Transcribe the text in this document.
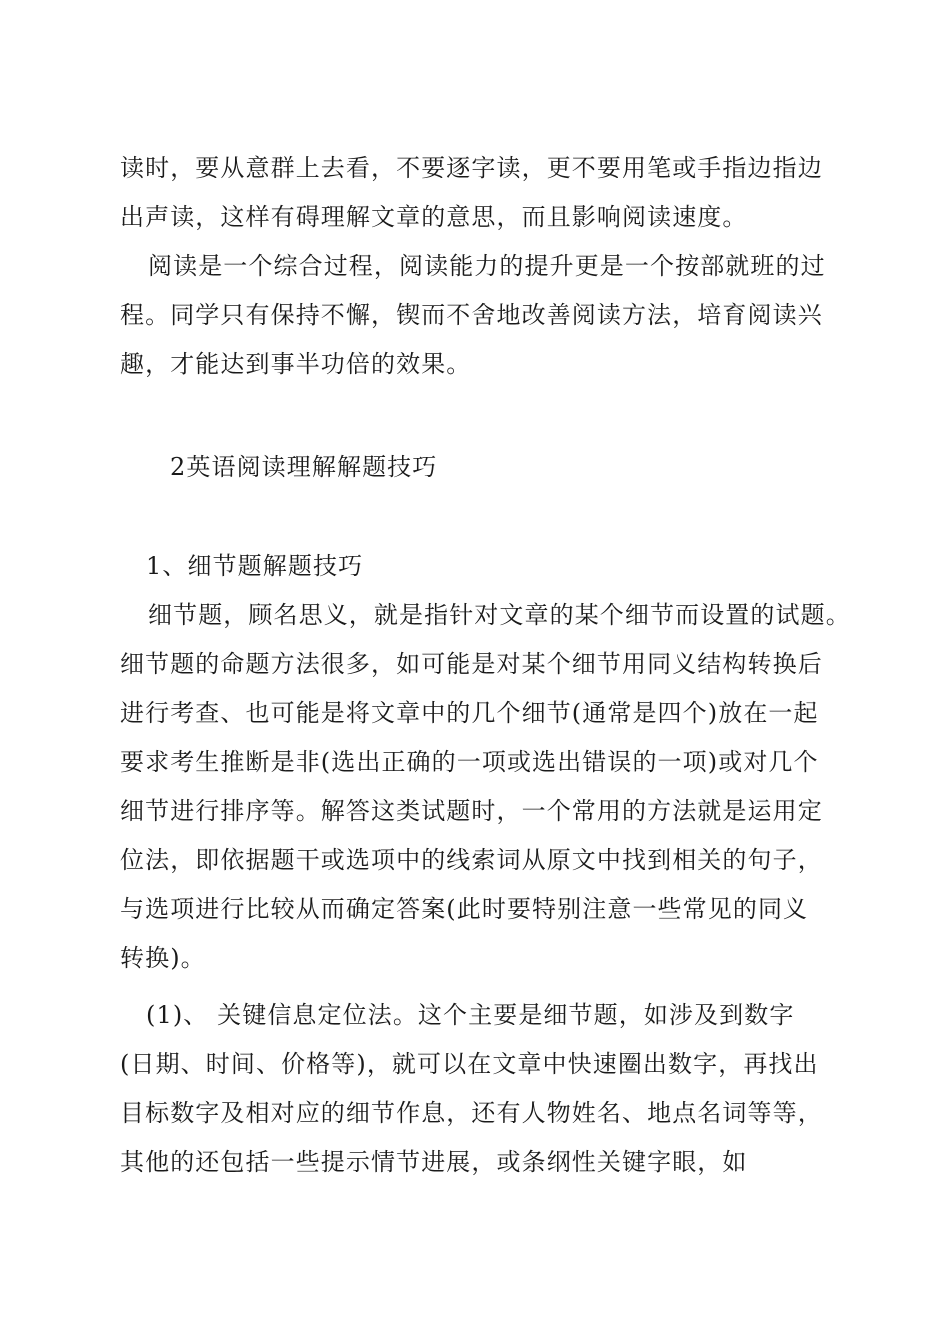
读时，要从意群上去看，不要逐字读，更不要用笔或手指边指边
出声读，这样有碍理解文章的意思，而且影响阅读速度。
阅读是一个综合过程，阅读能力的提升更是一个按部就班的过
程。同学只有保持不懈，锲而不舍地改善阅读方法，培育阅读兴
趣，才能达到事半功倍的效果。
2英语阅读理解解题技巧
1、细节题解题技巧
细节题，顾名思义，就是指针对文章的某个细节而设置的试题。
细节题的命题方法很多，如可能是对某个细节用同义结构转换后
进行考查、也可能是将文章中的几个细节(通常是四个)放在一起
要求考生推断是非(选出正确的一项或选出错误的一项)或对几个
细节进行排序等。解答这类试题时，一个常用的方法就是运用定
位法，即依据题干或选项中的线索词从原文中找到相关的句子，
与选项进行比较从而确定答案(此时要特别注意一些常见的同义
转换)。
(1)、 关键信息定位法。这个主要是细节题，如涉及到数字
(日期、时间、价格等)，就可以在文章中快速圈出数字，再找出
目标数字及相对应的细节作息，还有人物姓名、地点名词等等，
其他的还包括一些提示情节进展，或条纲性关键字眼，如
